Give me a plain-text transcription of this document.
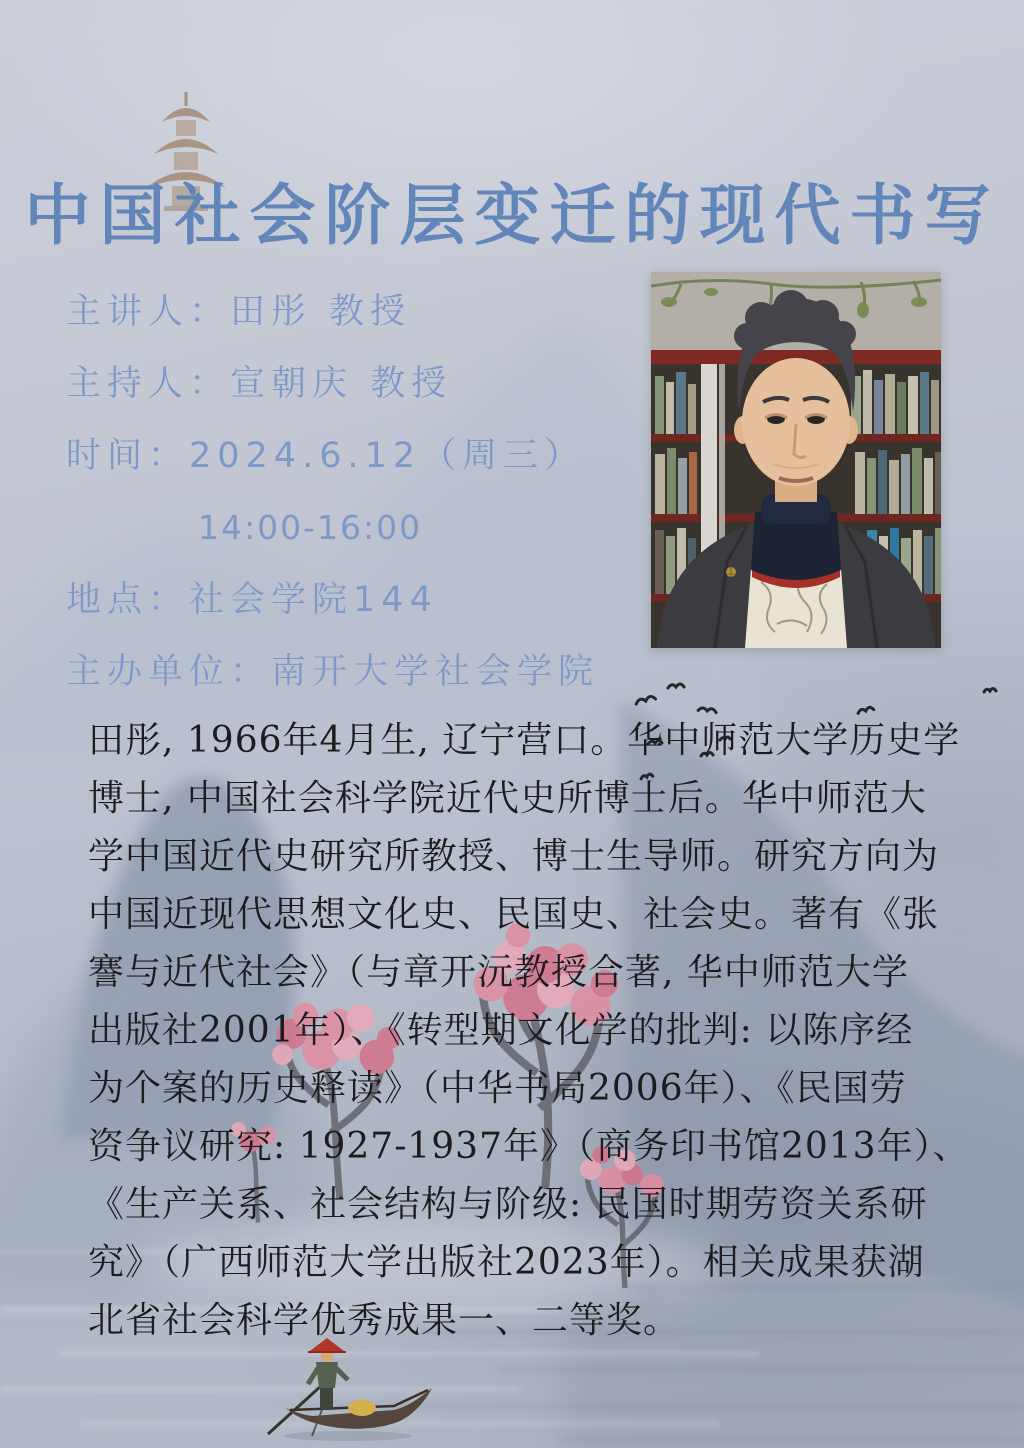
中国社会阶层变迁的现代书写
主讲人：田彤 教授
主持人：宣朝庆 教授
时间：2024.6.12（周三）
14:00-16:00
地点：社会学院144
主办单位：南开大学社会学院
田彤, 1966年4月生, 辽宁营口。华中师范大学历史学
博士, 中国社会科学院近代史所博士后。华中师范大
学中国近代史研究所教授、博士生导师。研究方向为
中国近现代思想文化史、民国史、社会史。著有《张
謇与近代社会》（与章开沅教授合著, 华中师范大学
出版社2001年）、《转型期文化学的批判: 以陈序经
为个案的历史释读》（中华书局2006年）、《民国劳
资争议研究: 1927-1937年》（商务印书馆2013年）、
《生产关系、社会结构与阶级: 民国时期劳资关系研
究》（广西师范大学出版社2023年）。相关成果获湖
北省社会科学优秀成果一、二等奖。
